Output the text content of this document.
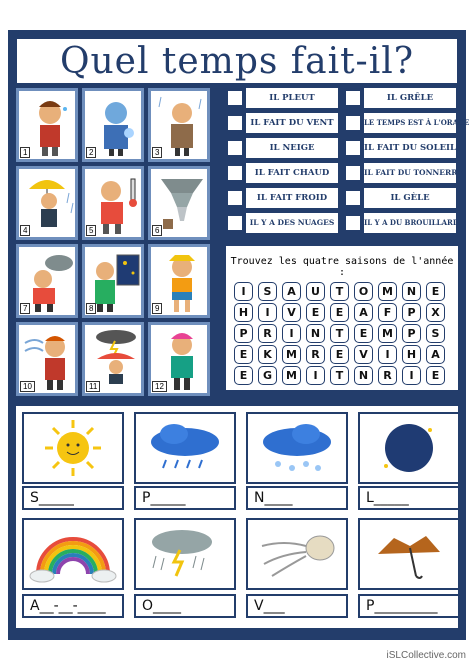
Quel temps fait-il?
1	2	3
4	5	6
7	8	9
10	11	12
IL PLEUT	IL GRÊLE
IL FAIT DU VENT	LE TEMPS EST À L'ORAGE
IL NEIGE	IL FAIT DU SOLEIL
IL FAIT CHAUD	IL FAIT DU TONNERRE
IL FAIT FROID	IL GÈLE
IL Y A DES NUAGES	IL Y A DU BROUILLARD
Trouvez les quatre saisons de l'année :
I	S	A	U	T	O	M	N	E
H	I	V	E	E	A	F	P	X
P	R	I	N	T	E	M	P	S
E	K	M	R	E	V	I	H	A
E	G	M	I	T	N	R	I	E
S_____	P_____	N____	L_____
A__-__-____	O____	V___	P_________
iSLCollective.com
